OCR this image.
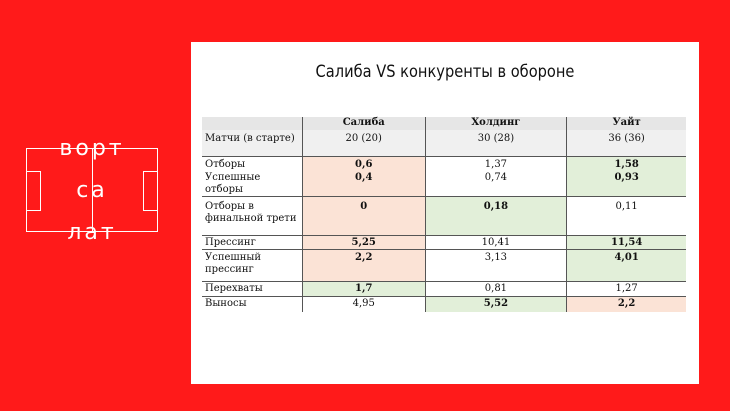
ворт
са
лат
Салиба VS конкуренты в обороне
	Салиба	Холдинг	Уайт
Матчи (в старте)	20 (20)	30 (28)	36 (36)
Отборы	0,6	1,37	1,58
Успешные отборы	0,4	0,74	0,93
Отборы в финальной трети	0	0,18	0,11
Прессинг	5,25	10,41	11,54
Успешный прессинг	2,2	3,13	4,01
Перехваты	1,7	0,81	1,27
Выносы	4,95	5,52	2,2
